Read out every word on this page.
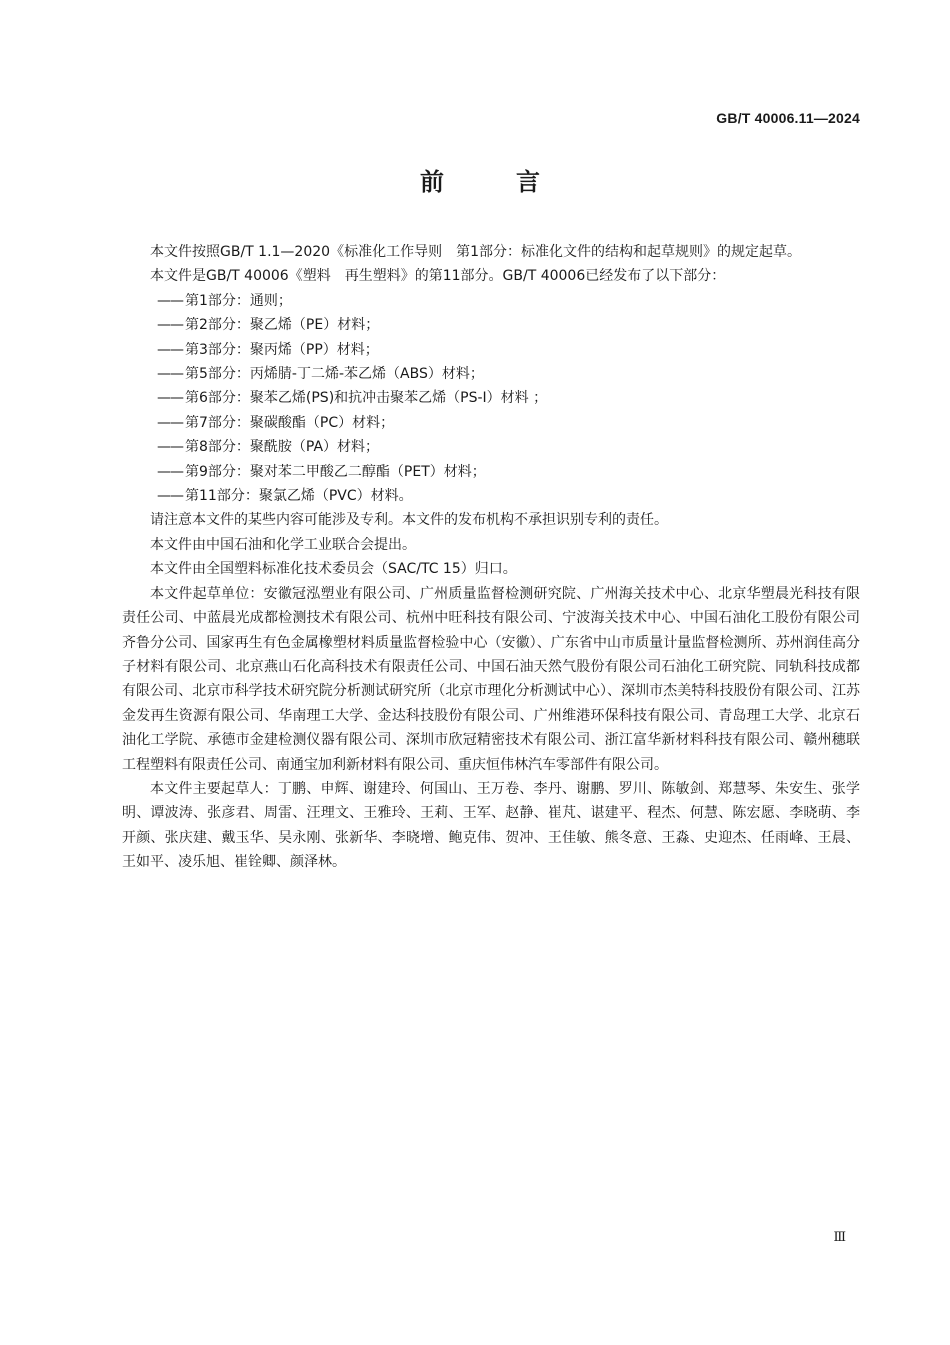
GB/T 40006.11—2024
前　言

本文件按照GB/T 1.1—2020《标准化工作导则　第1部分：标准化文件的结构和起草规则》的规定起草。

本文件是GB/T 40006《塑料　再生塑料》的第11部分。GB/T 40006已经发布了以下部分：

—— 第1部分：通则；

—— 第2部分：聚乙烯（PE）材料；

—— 第3部分：聚丙烯（PP）材料；

—— 第5部分：丙烯腈-丁二烯-苯乙烯（ABS）材料；

—— 第6部分：聚苯乙烯(PS)和抗冲击聚苯乙烯（PS-I）材料 ；

—— 第7部分：聚碳酸酯（PC）材料；

—— 第8部分：聚酰胺（PA）材料；

—— 第9部分：聚对苯二甲酸乙二醇酯（PET）材料；

—— 第11部分：聚氯乙烯（PVC）材料。

请注意本文件的某些内容可能涉及专利。本文件的发布机构不承担识别专利的责任。

本文件由中国石油和化学工业联合会提出。

本文件由全国塑料标准化技术委员会（SAC/TC 15）归口。

本文件起草单位：安徽冠泓塑业有限公司、广州质量监督检测研究院、广州海关技术中心、北京华塑晨光科技有限责任公司、中蓝晨光成都检测技术有限公司、杭州中旺科技有限公司、宁波海关技术中心、中国石油化工股份有限公司齐鲁分公司、国家再生有色金属橡塑材料质量监督检验中心（安徽）、广东省中山市质量计量监督检测所、苏州润佳高分子材料有限公司、北京燕山石化高科技术有限责任公司、中国石油天然气股份有限公司石油化工研究院、同轨科技成都有限公司、北京市科学技术研究院分析测试研究所（北京市理化分析测试中心）、深圳市杰美特科技股份有限公司、江苏金发再生资源有限公司、华南理工大学、金达科技股份有限公司、广州维港环保科技有限公司、青岛理工大学、北京石油化工学院、承德市金建检测仪器有限公司、深圳市欣冠精密技术有限公司、浙江富华新材料科技有限公司、赣州穗联工程塑料有限责任公司、南通宝加利新材料有限公司、重庆恒伟林汽车零部件有限公司。

本文件主要起草人：丁鹏、申辉、谢建玲、何国山、王万卷、李丹、谢鹏、罗川、陈敏剑、郑慧琴、朱安生、张学明、谭波涛、张彦君、周雷、汪理文、王雅玲、王莉、王军、赵静、崔芃、谌建平、程杰、何慧、陈宏愿、李晓萌、李开颜、张庆建、戴玉华、吴永刚、张新华、李晓增、鲍克伟、贺冲、王佳敏、熊冬意、王淼、史迎杰、任雨峰、王晨、王如平、凌乐旭、崔铨卿、颜泽林。

Ⅲ
